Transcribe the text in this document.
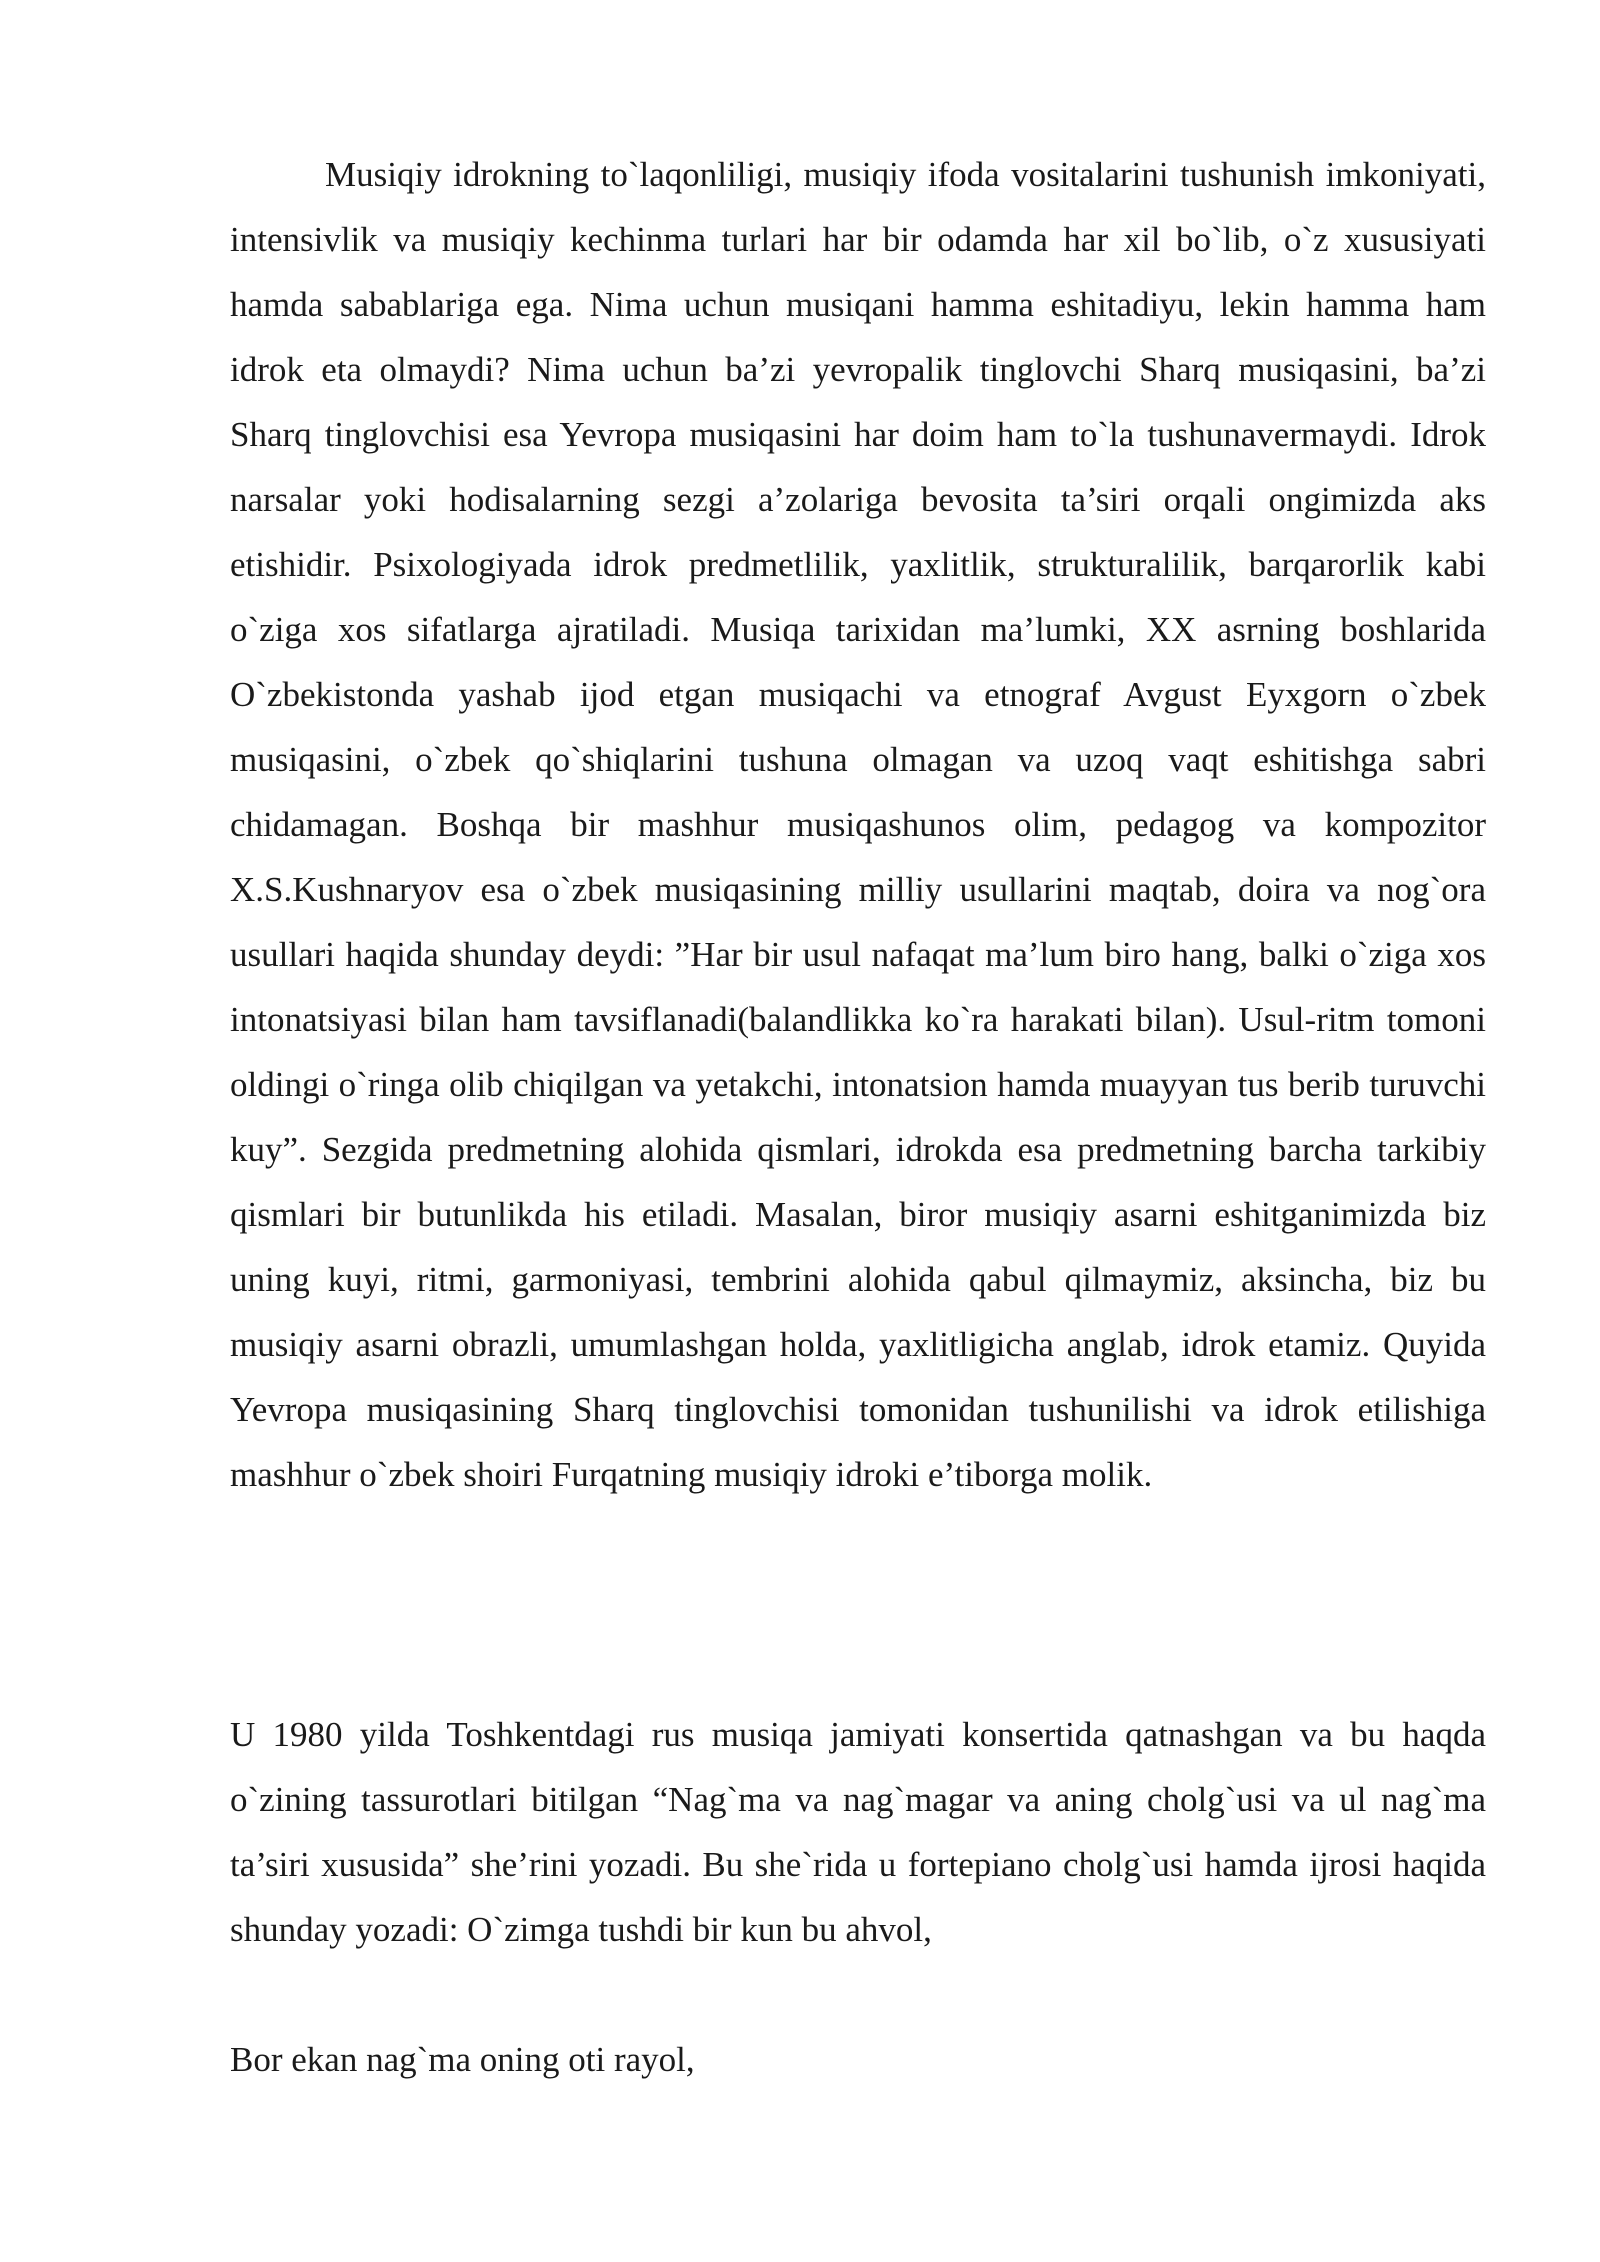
Musiqiy idrokning to`laqonliligi, musiqiy ifoda vositalarini tushunish imkoniyati, intensivlik va musiqiy kechinma turlari har bir odamda har xil bo`lib, o`z xususiyati hamda sabablariga ega. Nima uchun musiqani hamma eshitadiyu, lekin hamma ham idrok eta olmaydi? Nima uchun ba’zi yevropalik tinglovchi Sharq musiqasini, ba’zi Sharq tinglovchisi esa Yevropa musiqasini har doim ham to`la tushunavermaydi. Idrok narsalar yoki hodisalarning sezgi a’zolariga bevosita ta’siri orqali ongimizda aks etishidir. Psixologiyada idrok predmetlilik, yaxlitlik, strukturalilik, barqarorlik kabi o`ziga xos sifatlarga ajratiladi. Musiqa tarixidan ma’lumki, XX asrning boshlarida O`zbekistonda yashab ijod etgan musiqachi va etnograf Avgust Eyxgorn o`zbek musiqasini, o`zbek qo`shiqlarini tushuna olmagan va uzoq vaqt eshitishga sabri chidamagan. Boshqa bir mashhur musiqashunos olim, pedagog va kompozitor X.S.Kushnaryov esa o`zbek musiqasining milliy usullarini maqtab, doira va nog`ora usullari haqida shunday deydi: ”Har bir usul nafaqat ma’lum biro hang, balki o`ziga xos intonatsiyasi bilan ham tavsiflanadi(balandlikka ko`ra harakati bilan). Usul-ritm tomoni oldingi o`ringa olib chiqilgan va yetakchi, intonatsion hamda muayyan tus berib turuvchi kuy”. Sezgida predmetning alohida qismlari, idrokda esa predmetning barcha tarkibiy qismlari bir butunlikda his etiladi. Masalan, biror musiqiy asarni eshitganimizda biz uning kuyi, ritmi, garmoniyasi, tembrini alohida qabul qilmaymiz, aksincha, biz bu musiqiy asarni obrazli, umumlashgan holda, yaxlitligicha anglab, idrok etamiz. Quyida Yevropa musiqasining Sharq tinglovchisi tomonidan tushunilishi va idrok etilishiga mashhur o`zbek shoiri Furqatning musiqiy idroki e’tiborga molik.

U 1980 yilda Toshkentdagi rus musiqa jamiyati konsertida qatnashgan va bu haqda o`zining tassurotlari bitilgan “Nag`ma va nag`magar va aning cholg`usi va ul nag`ma ta’siri xususida” she’rini yozadi. Bu she`rida u fortepiano cholg`usi hamda ijrosi haqida shunday yozadi: O`zimga tushdi bir kun bu ahvol,

Bor ekan nag`ma oning oti rayol,
